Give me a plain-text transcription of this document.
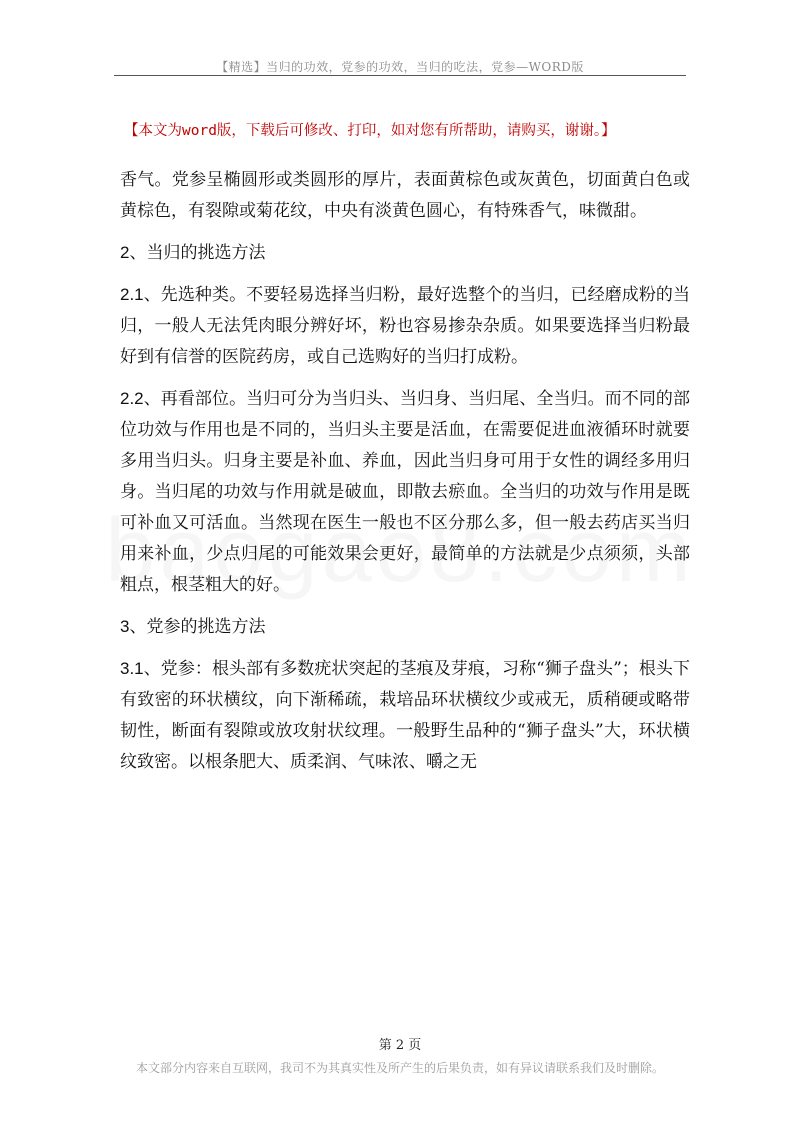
【精选】当归的功效，党参的功效，当归的吃法，党参—WORD版
【本文为word版，下载后可修改、打印，如对您有所帮助，请购买，谢谢。】

香气。党参呈椭圆形或类圆形的厚片，表面黄棕色或灰黄色，切面黄白色或黄棕色，有裂隙或菊花纹，中央有淡黄色圆心，有特殊香气，味微甜。

2、当归的挑选方法

2.1、先选种类。不要轻易选择当归粉，最好选整个的当归，已经磨成粉的当归，一般人无法凭肉眼分辨好坏，粉也容易掺杂杂质。如果要选择当归粉最好到有信誉的医院药房，或自己选购好的当归打成粉。

2.2、再看部位。当归可分为当归头、当归身、当归尾、全当归。而不同的部位功效与作用也是不同的，当归头主要是活血，在需要促进血液循环时就要多用当归头。归身主要是补血、养血，因此当归身可用于女性的调经多用归身。当归尾的功效与作用就是破血，即散去瘀血。全当归的功效与作用是既可补血又可活血。当然现在医生一般也不区分那么多，但一般去药店买当归用来补血，少点归尾的可能效果会更好，最简单的方法就是少点须须，头部粗点，根茎粗大的好。

3、党参的挑选方法

3.1、党参：根头部有多数疣状突起的茎痕及芽痕，习称“狮子盘头”；根头下有致密的环状横纹，向下渐稀疏，栽培品环状横纹少或戒无，质稍硬或略带韧性，断面有裂隙或放攻射状纹理。一般野生品种的“狮子盘头”大，环状横纹致密。以根条肥大、质柔润、气味浓、嚼之无

第 2 页
本文部分内容来自互联网，我司不为其真实性及所产生的后果负责，如有异议请联系我们及时删除。
